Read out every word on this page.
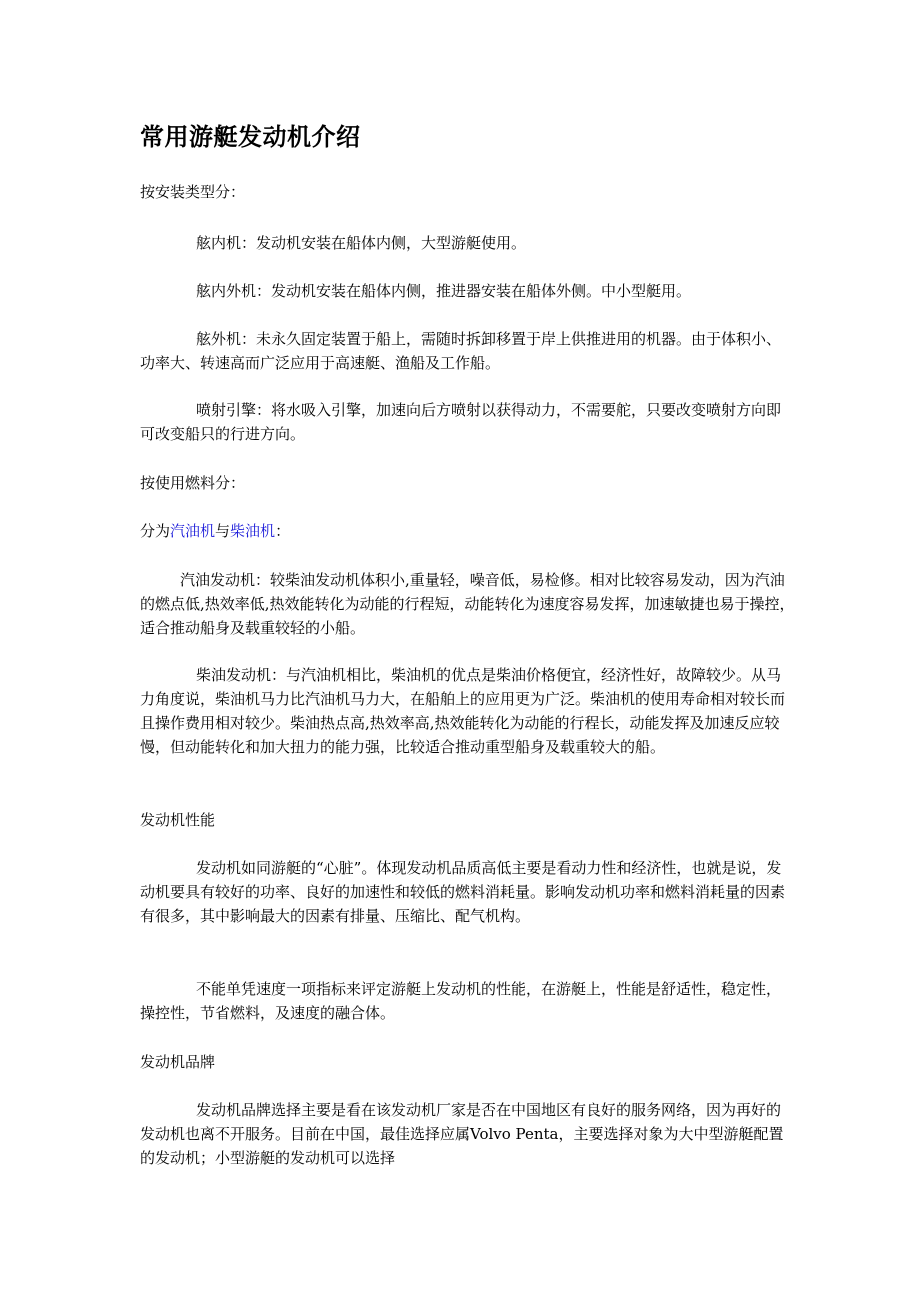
常用游艇发动机介绍

按安装类型分：

舷内机：发动机安装在船体内侧，大型游艇使用。

舷内外机：发动机安装在船体内侧，推进器安装在船体外侧。中小型艇用。

舷外机：未永久固定装置于船上，需随时拆卸移置于岸上供推进用的机器。由于体积小、功率大、转速高而广泛应用于高速艇、渔船及工作船。

喷射引擎：将水吸入引擎，加速向后方喷射以获得动力，不需要舵，只要改变喷射方向即可改变船只的行进方向。

按使用燃料分：

分为汽油机与柴油机：

汽油发动机：较柴油发动机体积小,重量轻，噪音低，易检修。相对比较容易发动，因为汽油的燃点低,热效率低,热效能转化为动能的行程短，动能转化为速度容易发挥，加速敏捷也易于操控，适合推动船身及载重较轻的小船。

柴油发动机：与汽油机相比，柴油机的优点是柴油价格便宜，经济性好，故障较少。从马力角度说，柴油机马力比汽油机马力大，在船舶上的应用更为广泛。柴油机的使用寿命相对较长而且操作费用相对较少。柴油热点高,热效率高,热效能转化为动能的行程长，动能发挥及加速反应较慢，但动能转化和加大扭力的能力强，比较适合推动重型船身及载重较大的船。

发动机性能

发动机如同游艇的“心脏”。体现发动机品质高低主要是看动力性和经济性，也就是说，发动机要具有较好的功率、良好的加速性和较低的燃料消耗量。影响发动机功率和燃料消耗量的因素有很多，其中影响最大的因素有排量、压缩比、配气机构。

不能单凭速度一项指标来评定游艇上发动机的性能，在游艇上，性能是舒适性，稳定性，操控性，节省燃料，及速度的融合体。

发动机品牌

发动机品牌选择主要是看在该发动机厂家是否在中国地区有良好的服务网络，因为再好的发动机也离不开服务。目前在中国，最佳选择应属Volvo Penta，主要选择对象为大中型游艇配置的发动机；小型游艇的发动机可以选择
